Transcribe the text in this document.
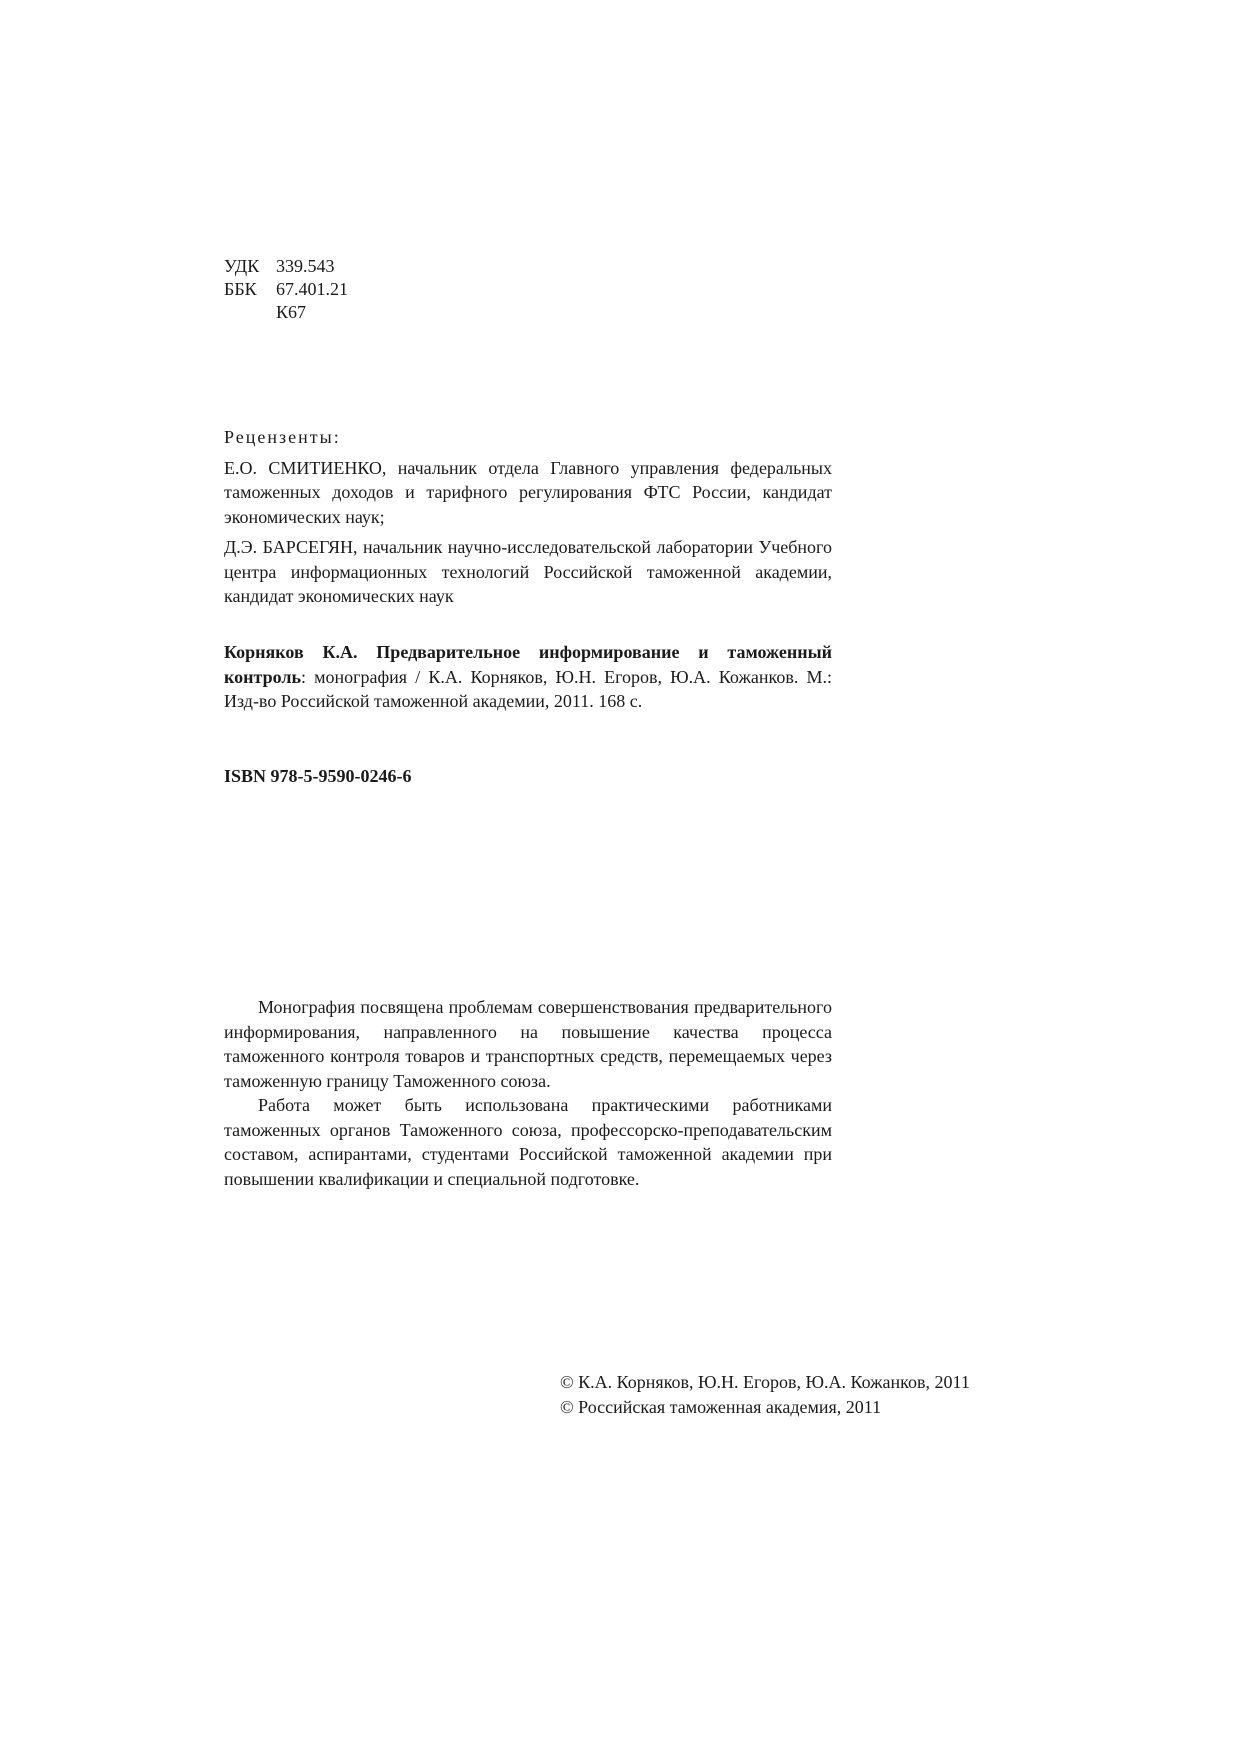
УДК 339.543
ББК	67.401.21
К67
Рецензенты:

Е.О. СМИТИЕНКО, начальник отдела Главного управления федеральных таможенных доходов и тарифного регулирования ФТС России, кандидат экономических наук;

Д.Э. БАРСЕГЯН, начальник научно-исследовательской лаборатории Учебного центра информационных технологий Российской таможенной академии, кандидат экономических наук

Корняков К.А. Предварительное информирование и таможенный контроль: монография / К.А. Корняков, Ю.Н. Егоров, Ю.А. Кожанков. М.: Изд-во Российской таможенной академии, 2011. 168 с.
ISBN 978-5-9590-0246-6

Монография посвящена проблемам совершенствования предварительного информирования, направленного на повышение качества процесса таможенного контроля товаров и транспортных средств, перемещаемых через таможенную границу Таможенного союза.

Работа может быть использована практическими работниками таможенных органов Таможенного союза, профессорско-преподавательским составом, аспирантами, студентами Российской таможенной академии при повышении квалификации и специальной подготовке.

© К.А. Корняков, Ю.Н. Егоров, Ю.А. Кожанков, 2011
© Российская таможенная академия, 2011
